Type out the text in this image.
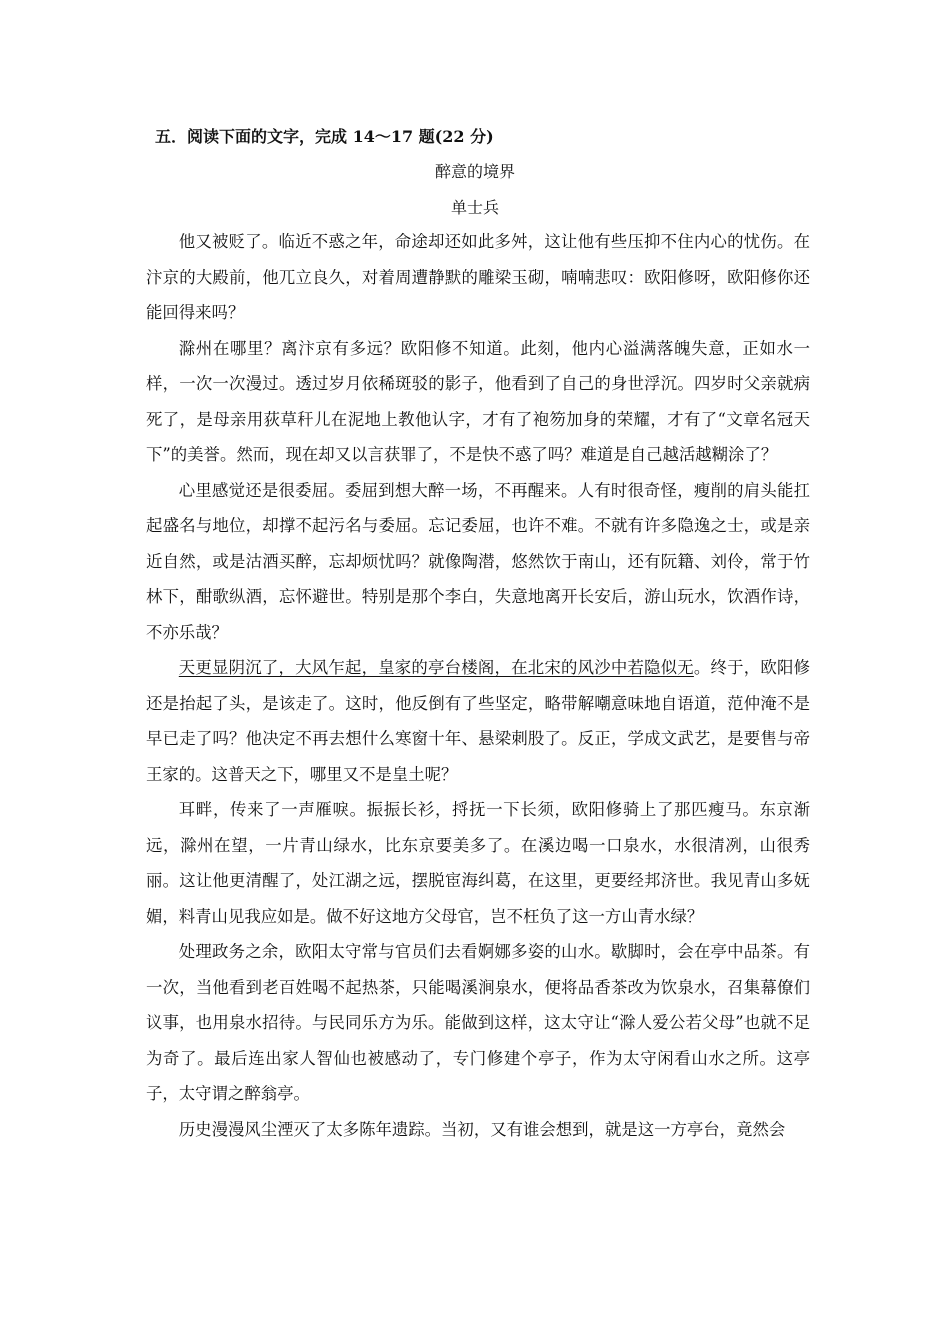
五．阅读下面的文字，完成 14～17 题(22 分)
醉意的境界
单士兵

他又被贬了。临近不惑之年，命途却还如此多舛，这让他有些压抑不住内心的忧伤。在汴京的大殿前，他兀立良久，对着周遭静默的雕梁玉砌，喃喃悲叹：欧阳修呀，欧阳修你还能回得来吗？

滁州在哪里？离汴京有多远？欧阳修不知道。此刻，他内心溢满落魄失意，正如水一样，一次一次漫过。透过岁月依稀斑驳的影子，他看到了自己的身世浮沉。四岁时父亲就病死了，是母亲用荻草秆儿在泥地上教他认字，才有了袍笏加身的荣耀，才有了“文章名冠天下”的美誉。然而，现在却又以言获罪了，不是快不惑了吗？难道是自己越活越糊涂了？

心里感觉还是很委屈。委屈到想大醉一场，不再醒来。人有时很奇怪，瘦削的肩头能扛起盛名与地位，却撑不起污名与委屈。忘记委屈，也许不难。不就有许多隐逸之士，或是亲近自然，或是沽酒买醉，忘却烦忧吗？就像陶潜，悠然饮于南山，还有阮籍、刘伶，常于竹林下，酣歌纵酒，忘怀避世。特别是那个李白，失意地离开长安后，游山玩水，饮酒作诗，不亦乐哉？

天更显阴沉了，大风乍起，皇家的亭台楼阁，在北宋的风沙中若隐似无。终于，欧阳修还是抬起了头，是该走了。这时，他反倒有了些坚定，略带解嘲意味地自语道，范仲淹不是早已走了吗？他决定不再去想什么寒窗十年、悬梁刺股了。反正，学成文武艺，是要售与帝王家的。这普天之下，哪里又不是皇土呢？

耳畔，传来了一声雁唳。振振长衫，捋抚一下长须，欧阳修骑上了那匹瘦马。东京渐远，滁州在望，一片青山绿水，比东京要美多了。在溪边喝一口泉水，水很清冽，山很秀丽。这让他更清醒了，处江湖之远，摆脱宦海纠葛，在这里，更要经邦济世。我见青山多妩媚，料青山见我应如是。做不好这地方父母官，岂不枉负了这一方山青水绿？

处理政务之余，欧阳太守常与官员们去看婀娜多姿的山水。歇脚时，会在亭中品茶。有一次，当他看到老百姓喝不起热茶，只能喝溪涧泉水，便将品香茶改为饮泉水，召集幕僚们议事，也用泉水招待。与民同乐方为乐。能做到这样，这太守让“滁人爱公若父母”也就不足为奇了。最后连出家人智仙也被感动了，专门修建个亭子，作为太守闲看山水之所。这亭子，太守谓之醉翁亭。

历史漫漫风尘湮灭了太多陈年遗踪。当初，又有谁会想到，就是这一方亭台，竟然会
